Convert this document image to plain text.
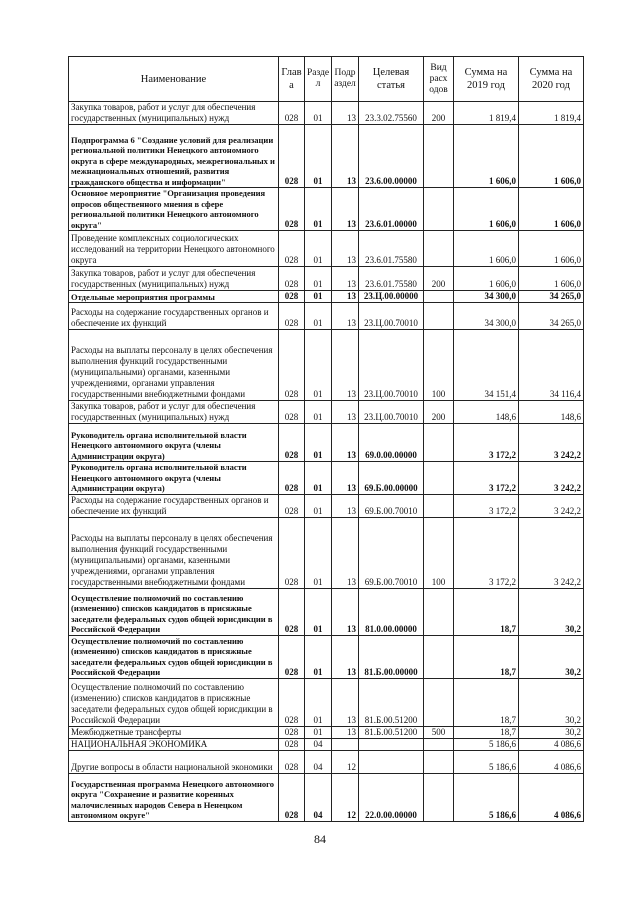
Наименование	Глав а	Разде л	Подр аздел	Целевая статья	Вид расх одов	Сумма на 2019 год	Сумма на 2020 год
Закупка товаров, работ и услуг для обеспечения государственных (муниципальных) нужд	028	01	13	23.3.02.75560	200	1 819,4	1 819,4
Подпрограмма 6 "Создание условий для реализации региональной политики Ненецкого автономного округа в сфере международных, межрегиональных и межнациональных отношений, развития гражданского общества и информации"	028	01	13	23.6.00.00000		1 606,0	1 606,0
Основное мероприятие "Организация проведения опросов общественного мнения в сфере региональной политики Ненецкого автономного округа"	028	01	13	23.6.01.00000		1 606,0	1 606,0
Проведение комплексных социологических исследований на территории Ненецкого автономного округа	028	01	13	23.6.01.75580		1 606,0	1 606,0
Закупка товаров, работ и услуг для обеспечения государственных (муниципальных) нужд	028	01	13	23.6.01.75580	200	1 606,0	1 606,0
Отдельные мероприятия программы	028	01	13	23.Ц.00.00000		34 300,0	34 265,0
Расходы на содержание государственных органов и обеспечение их функций	028	01	13	23.Ц.00.70010		34 300,0	34 265,0
Расходы на выплаты персоналу в целях обеспечения выполнения функций государственными (муниципальными) органами, казенными учреждениями, органами управления государственными внебюджетными фондами	028	01	13	23.Ц.00.70010	100	34 151,4	34 116,4
Закупка товаров, работ и услуг для обеспечения государственных (муниципальных) нужд	028	01	13	23.Ц.00.70010	200	148,6	148,6
Руководитель органа исполнительной власти Ненецкого автономного округа (члены Администрации округа)	028	01	13	69.0.00.00000		3 172,2	3 242,2
Руководитель органа исполнительной власти Ненецкого автономного округа (члены Администрации округа)	028	01	13	69.Б.00.00000		3 172,2	3 242,2
Расходы на содержание государственных органов и обеспечение их функций	028	01	13	69.Б.00.70010		3 172,2	3 242,2
Расходы на выплаты персоналу в целях обеспечения выполнения функций государственными (муниципальными) органами, казенными учреждениями, органами управления государственными внебюджетными фондами	028	01	13	69.Б.00.70010	100	3 172,2	3 242,2
Осуществление полномочий по составлению (изменению) списков кандидатов в присяжные заседатели федеральных судов общей юрисдикции в Российской Федерации	028	01	13	81.0.00.00000		18,7	30,2
Осуществление полномочий по составлению (изменению) списков кандидатов в присяжные заседатели федеральных судов общей юрисдикции в Российской Федерации	028	01	13	81.Б.00.00000		18,7	30,2
Осуществление полномочий по составлению (изменению) списков кандидатов в присяжные заседатели федеральных судов общей юрисдикции в Российской Федерации	028	01	13	81.Б.00.51200		18,7	30,2
Межбюджетные трансферты	028	01	13	81.Б.00.51200	500	18,7	30,2
НАЦИОНАЛЬНАЯ ЭКОНОМИКА	028	04				5 186,6	4 086,6
Другие вопросы в области национальной экономики	028	04	12			5 186,6	4 086,6
Государственная программа Ненецкого автономного округа "Сохранение и развитие коренных малочисленных народов Севера в Ненецком автономном округе"	028	04	12	22.0.00.00000		5 186,6	4 086,6
84
